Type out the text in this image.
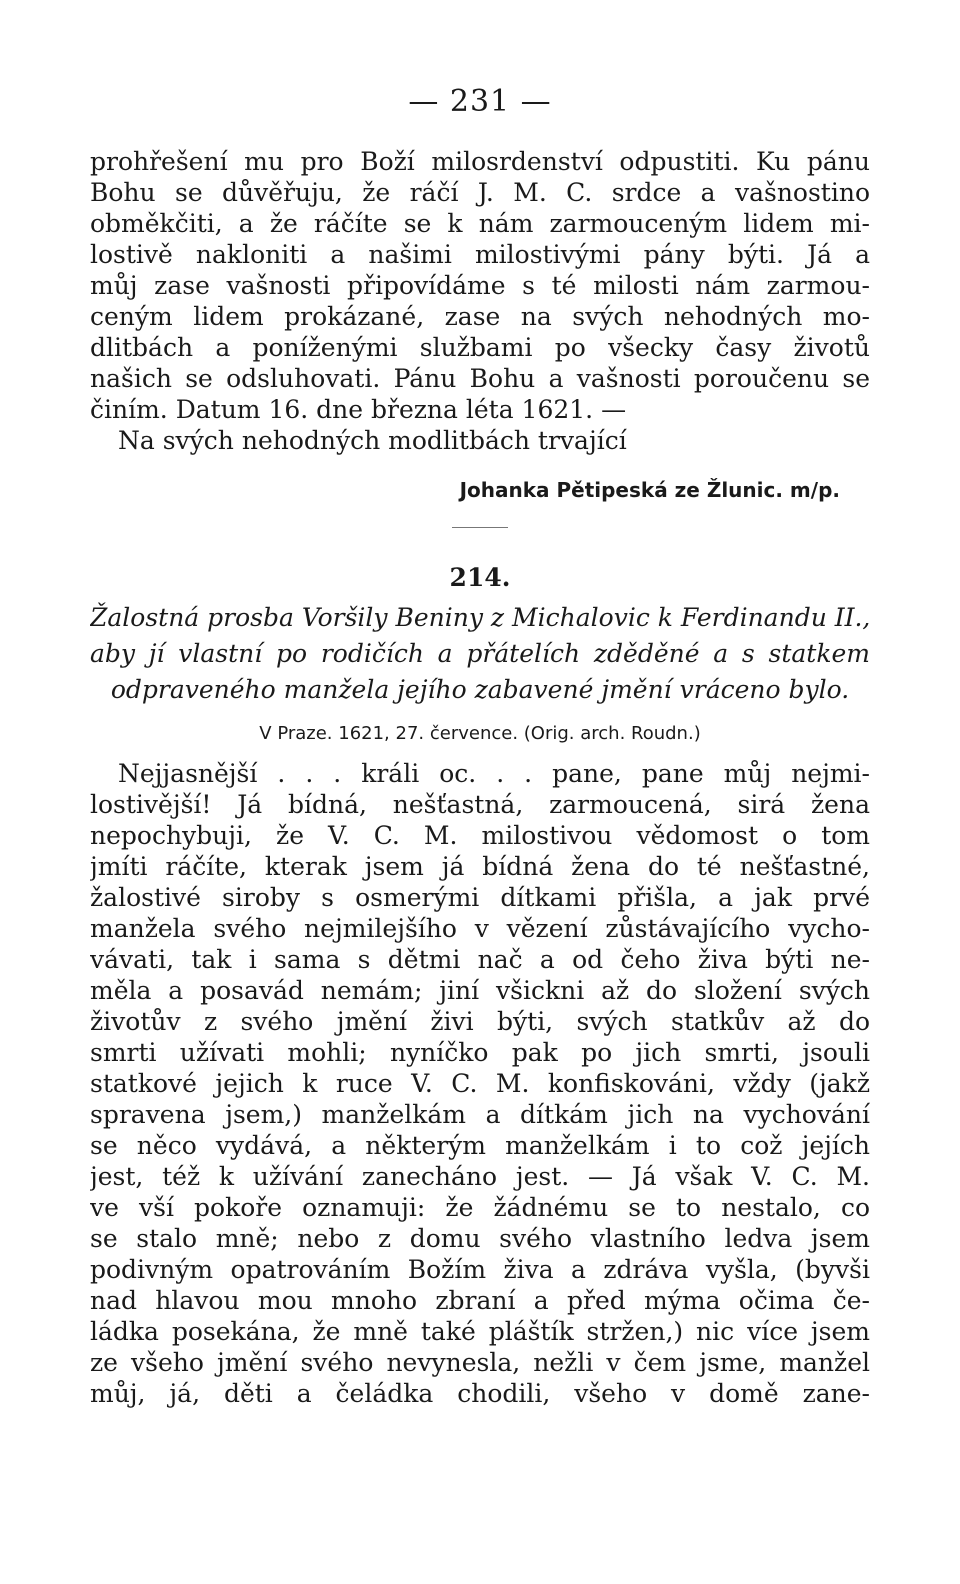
— 231 —
prohřešení mu pro Boží milosrdenství odpustiti. Ku pánu
Bohu se důvěřuju, že ráčí J. M. C. srdce a vašnostino
obměkčiti, a že ráčíte se k nám zarmouceným lidem mi-
lostivě nakloniti a našimi milostivými pány býti. Já a
můj zase vašnosti připovídáme s té milosti nám zarmou-
ceným lidem prokázané, zase na svých nehodných mo-
dlitbách a poníženými službami po všecky časy životů
našich se odsluhovati. Pánu Bohu a vašnosti poroučenu se
činím. Datum 16. dne března léta 1621. —
Na svých nehodných modlitbách trvající
Johanka Pětipeská ze Žlunic. m/p.
214.
Žalostná prosba Voršily Beniny z Michalovic k Ferdinandu II.,
aby jí vlastní po rodičích a přátelích zděděné a s statkem
odpraveného manžela jejího zabavené jmění vráceno bylo.
V Praze. 1621, 27. července. (Orig. arch. Roudn.)
Nejjasnější . . . králi oc. . . pane, pane můj nejmi-
lostivější! Já bídná, nešťastná, zarmoucená, sirá žena
nepochybuji, že V. C. M. milostivou vědomost o tom
jmíti ráčíte, kterak jsem já bídná žena do té nešťastné,
žalostivé siroby s osmerými dítkami přišla, a jak prvé
manžela svého nejmilejšího v vězení zůstávajícího vycho-
vávati, tak i sama s dětmi nač a od čeho živa býti ne-
měla a posavád nemám; jiní všickni až do složení svých
životův z svého jmění živi býti, svých statkův až do
smrti užívati mohli; nyníčko pak po jich smrti, jsouli
statkové jejich k ruce V. C. M. konfiskováni, vždy (jakž
spravena jsem,) manželkám a dítkám jich na vychování
se něco vydává, a některým manželkám i to což jejích
jest, též k užívání zanecháno jest. — Já však V. C. M.
ve vší pokoře oznamuji: že žádnému se to nestalo, co
se stalo mně; nebo z domu svého vlastního ledva jsem
podivným opatrováním Božím živa a zdráva vyšla, (byvši
nad hlavou mou mnoho zbraní a před mýma očima če-
ládka posekána, že mně také pláštík stržen,) nic více jsem
ze všeho jmění svého nevynesla, nežli v čem jsme, manžel
můj, já, děti a čeládka chodili, všeho v domě zane-
